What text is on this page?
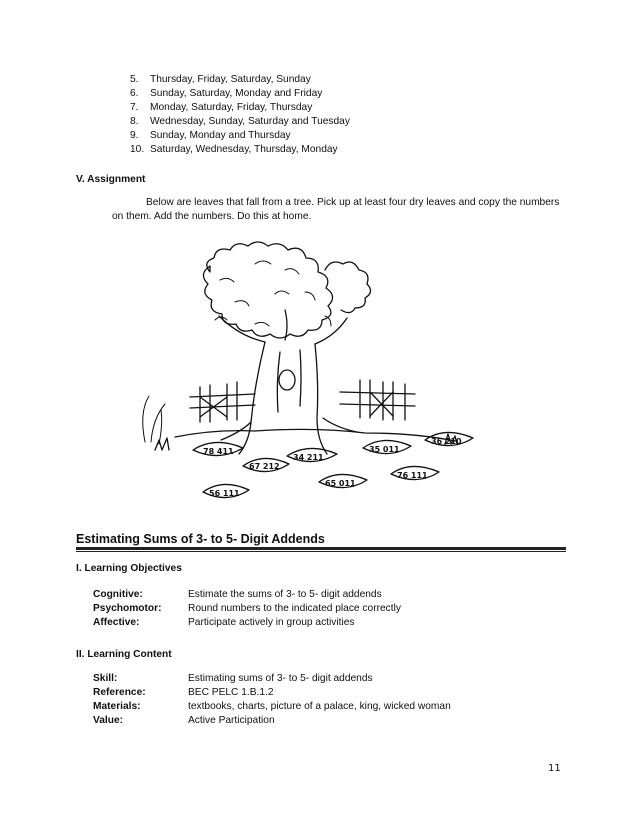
5.	Thursday, Friday, Saturday, Sunday
6.	Sunday, Saturday, Monday and Friday
7.	Monday, Saturday, Friday, Thursday
8.	Wednesday, Sunday, Saturday and Tuesday
9.	Sunday, Monday and Thursday
10. Saturday, Wednesday, Thursday, Monday
V. Assignment
Below are leaves that fall from a tree. Pick up at least four dry leaves and copy the numbers
on them. Add the numbers. Do this at home.
78 411
67 212
34 211
35 011
36 210
76 111
65 011
56 111
Estimating Sums of 3- to 5- Digit Addends
I. Learning Objectives
Cognitive:	Estimate the sums of 3- to 5- digit addends
Psychomotor:	Round numbers to the indicated place correctly
Affective:	Participate actively in group activities
II. Learning Content
Skill:	Estimating sums of 3- to 5- digit addends
Reference:	BEC PELC 1.B.1.2
Materials:	textbooks, charts, picture of a palace, king, wicked woman
Value:	Active Participation
11
